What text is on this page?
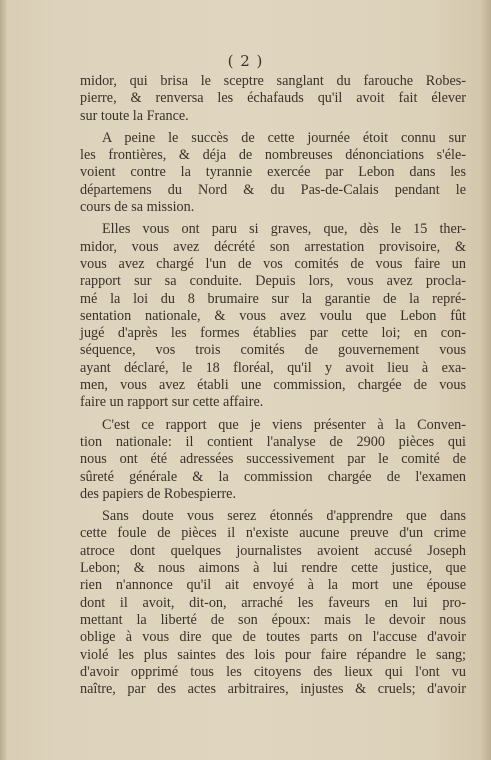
( 2 )
midor, qui brisa le sceptre sanglant du farouche Robes-
pierre, & renversa les échafauds qu'il avoit fait élever
sur toute la France.
A peine le succès de cette journée étoit connu sur
les frontières, & déja de nombreuses dénonciations s'éle-
voient contre la tyrannie exercée par Lebon dans les
départemens du Nord & du Pas-de-Calais pendant le
cours de sa mission.
Elles vous ont paru si graves, que, dès le 15 ther-
midor, vous avez décrété son arrestation provisoire, &
vous avez chargé l'un de vos comités de vous faire un
rapport sur sa conduite. Depuis lors, vous avez procla-
mé la loi du 8 brumaire sur la garantie de la repré-
sentation nationale, & vous avez voulu que Lebon fût
jugé d'après les formes établies par cette loi; en con-
séquence, vos trois comités de gouvernement vous
ayant déclaré, le 18 floréal, qu'il y avoit lieu à exa-
men, vous avez établi une commission, chargée de vous
faire un rapport sur cette affaire.
C'est ce rapport que je viens présenter à la Conven-
tion nationale: il contient l'analyse de 2900 pièces qui
nous ont été adressées successivement par le comité de
sûreté générale & la commission chargée de l'examen
des papiers de Robespierre.
Sans doute vous serez étonnés d'apprendre que dans
cette foule de pièces il n'existe aucune preuve d'un crime
atroce dont quelques journalistes avoient accusé Joseph
Lebon; & nous aimons à lui rendre cette justice, que
rien n'annonce qu'il ait envoyé à la mort une épouse
dont il avoit, dit-on, arraché les faveurs en lui pro-
mettant la liberté de son époux: mais le devoir nous
oblige à vous dire que de toutes parts on l'accuse d'avoir
violé les plus saintes des lois pour faire répandre le sang;
d'avoir opprimé tous les citoyens des lieux qui l'ont vu
naître, par des actes arbitraires, injustes & cruels; d'avoir
